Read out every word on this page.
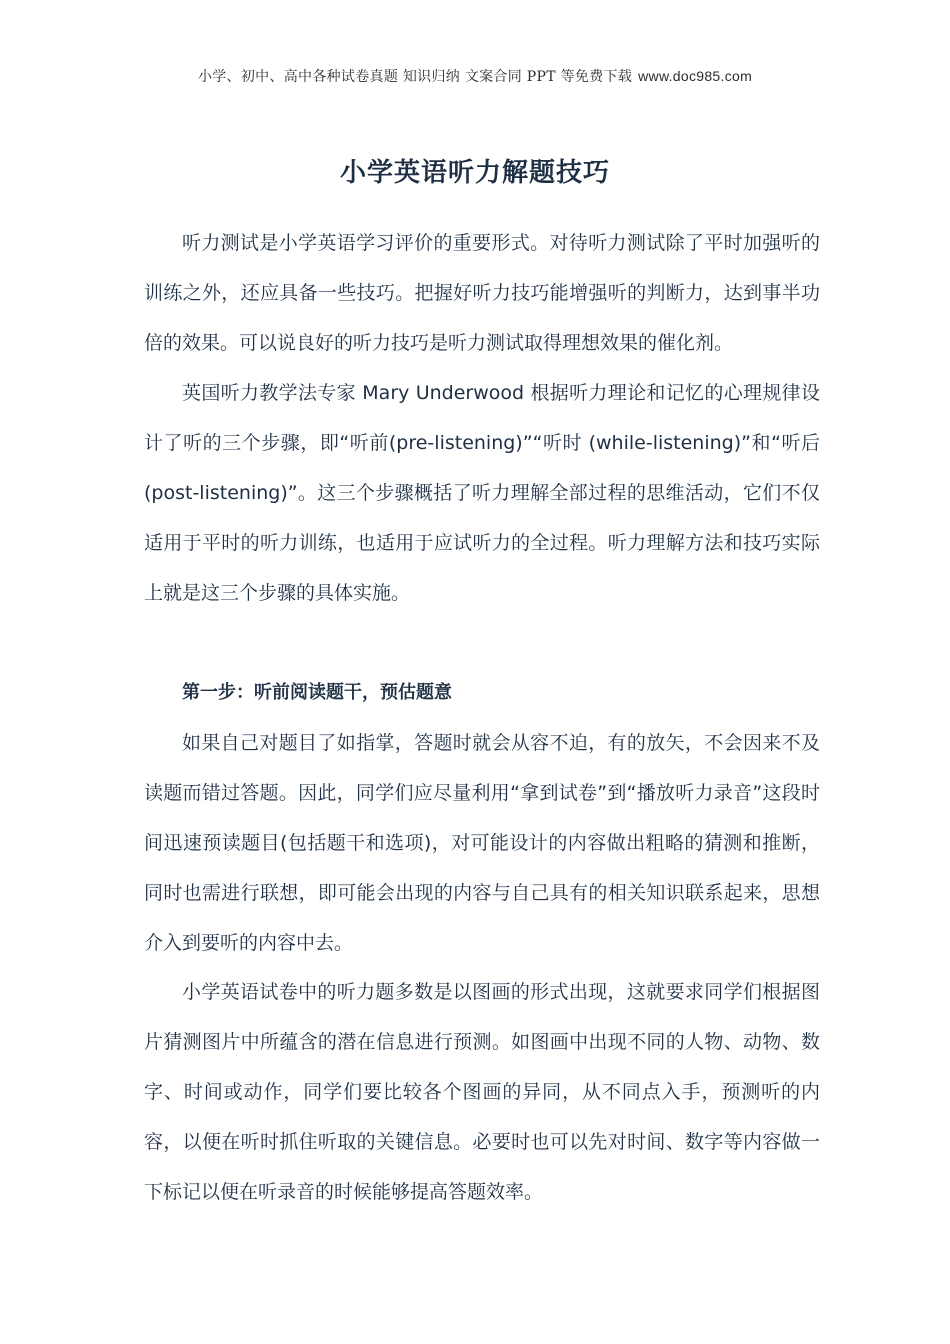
小学、初中、高中各种试卷真题 知识归纳 文案合同 PPT 等免费下载 www.doc985.com
小学英语听力解题技巧

听力测试是小学英语学习评价的重要形式。对待听力测试除了平时加强听的训练之外，还应具备一些技巧。把握好听力技巧能增强听的判断力，达到事半功倍的效果。可以说良好的听力技巧是听力测试取得理想效果的催化剂。

英国听力教学法专家 Mary Underwood 根据听力理论和记忆的心理规律设计了听的三个步骤，即“听前(pre-listening)”“听时 (while-listening)”和“听后(post-listening)”。这三个步骤概括了听力理解全部过程的思维活动，它们不仅适用于平时的听力训练，也适用于应试听力的全过程。听力理解方法和技巧实际上就是这三个步骤的具体实施。

第一步：听前阅读题干，预估题意

如果自己对题目了如指掌，答题时就会从容不迫，有的放矢，不会因来不及读题而错过答题。因此，同学们应尽量利用“拿到试卷”到“播放听力录音”这段时间迅速预读题目(包括题干和选项)，对可能设计的内容做出粗略的猜测和推断，同时也需进行联想，即可能会出现的内容与自己具有的相关知识联系起来，思想介入到要听的内容中去。

小学英语试卷中的听力题多数是以图画的形式出现，这就要求同学们根据图片猜测图片中所蕴含的潜在信息进行预测。如图画中出现不同的人物、动物、数字、时间或动作，同学们要比较各个图画的异同，从不同点入手，预测听的内容，以便在听时抓住听取的关键信息。必要时也可以先对时间、数字等内容做一下标记以便在听录音的时候能够提高答题效率。
